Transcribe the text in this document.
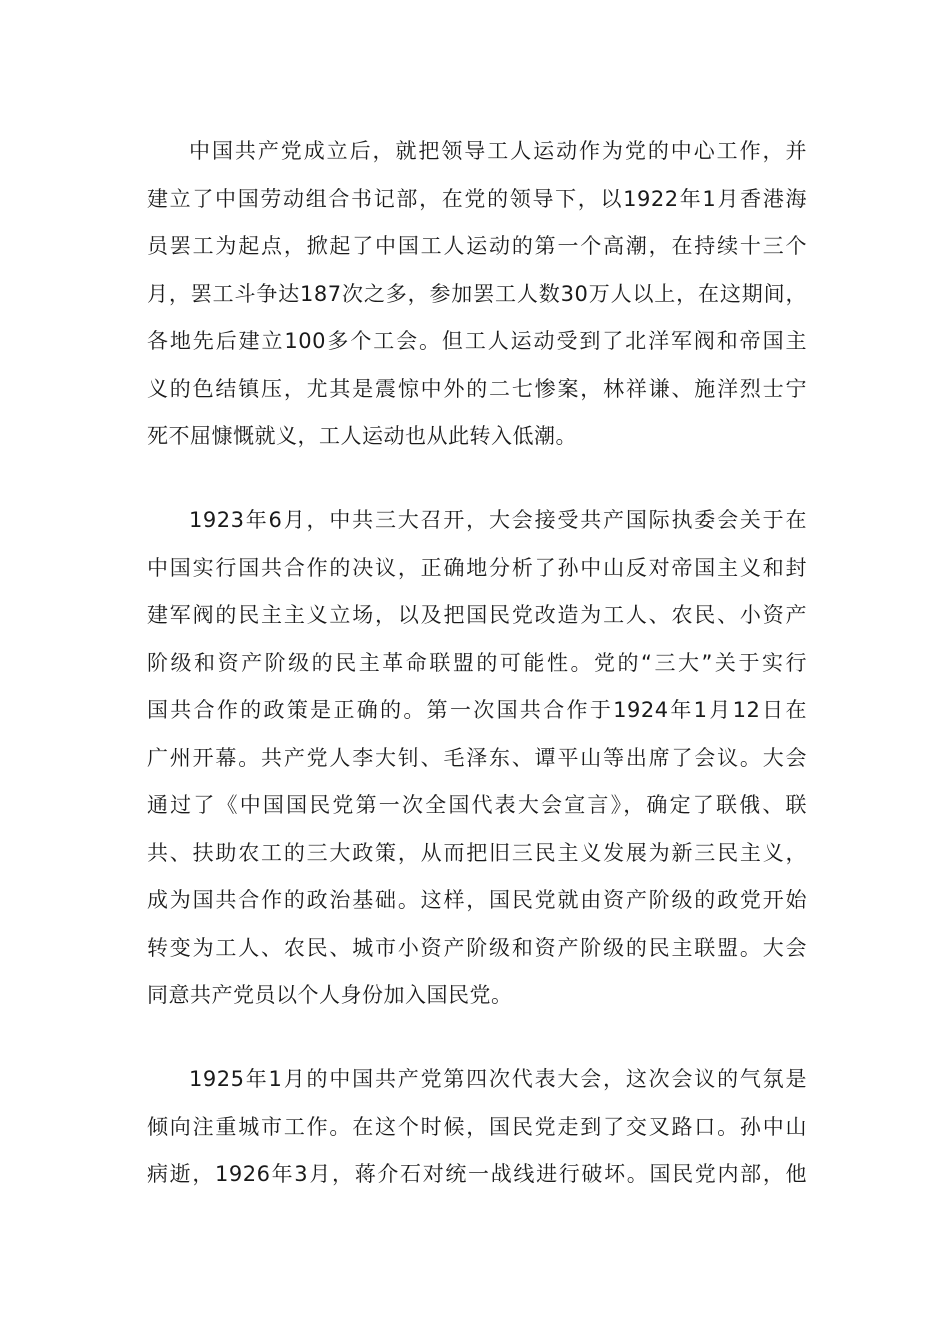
中国共产党成立后，就把领导工人运动作为党的中心工作，并
建立了中国劳动组合书记部，在党的领导下，以1922年1月香港海
员罢工为起点，掀起了中国工人运动的第一个高潮，在持续十三个
月，罢工斗争达187次之多，参加罢工人数30万人以上，在这期间，
各地先后建立100多个工会。但工人运动受到了北洋军阀和帝国主
义的色结镇压，尤其是震惊中外的二七惨案，林祥谦、施洋烈士宁
死不屈慷慨就义，工人运动也从此转入低潮。
1923年6月，中共三大召开，大会接受共产国际执委会关于在
中国实行国共合作的决议，正确地分析了孙中山反对帝国主义和封
建军阀的民主主义立场，以及把国民党改造为工人、农民、小资产
阶级和资产阶级的民主革命联盟的可能性。党的“三大”关于实行
国共合作的政策是正确的。第一次国共合作于1924年1月12日在
广州开幕。共产党人李大钊、毛泽东、谭平山等出席了会议。大会
通过了《中国国民党第一次全国代表大会宣言》，确定了联俄、联
共、扶助农工的三大政策，从而把旧三民主义发展为新三民主义，
成为国共合作的政治基础。这样，国民党就由资产阶级的政党开始
转变为工人、农民、城市小资产阶级和资产阶级的民主联盟。大会
同意共产党员以个人身份加入国民党。
1925年1月的中国共产党第四次代表大会，这次会议的气氛是
倾向注重城市工作。在这个时候，国民党走到了交叉路口。孙中山
病逝，1926年3月，蒋介石对统一战线进行破坏。国民党内部，他
